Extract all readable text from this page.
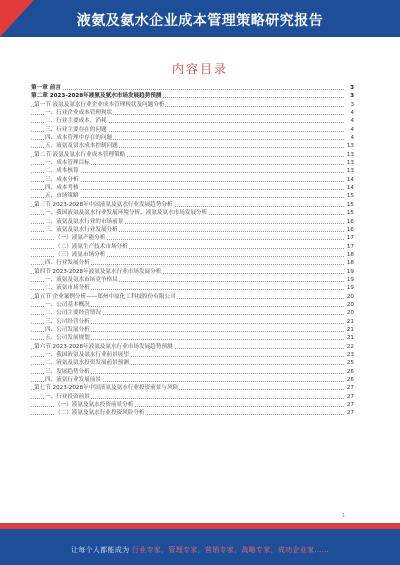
液氨及氨水企业成本管理策略研究报告
内容目录
第一章 前言	3
第二章 2023-2028年液氨及氨水市场发展趋势预测	3
第一节 液氨及氨水行业企业成本管理现状及问题分析	3
一、行业企业成本管理现状	4
二、行业主要成本、消耗	4
三、行业主要存在的问题	4
四、成本管理中存在的问题	4
五、液氨及氨水成本控制问题	13
第二节 液氨及氨水行业成本管理策略	13
一、成本管理目标	13
二、成本核算	13
三、成本分析	14
四、成本考核	14
五、市场策略	15
第三节 2023-2028年中国液氨及氨水行业发展趋势分析	15
一、我国液氨及氨水行业发展环境分析、液氨及氨水市场发展分析	15
二、液氨及氨水行业的市场前景	16
三、液氨及氨水行业发展分析	16
（一）液氨产能分析	17
（二）液氨生产技术市场分析	17
（三）液氨市场分析	18
四、行业发展分析	18
第四节 2023-2028年液氨及氨水行业市场发展分析	19
一、液氨及氨水市场竞争格局	19
二、液氨市场分析	19
第五节 企业案例分析——郑州中原化工科技股份有限公司	20
一、公司基本概况	20
二、公司主要经营情况	20
三、公司经营分析	21
四、公司发展分析	21
五、公司发展规划	21
第六节 2023-2028年液氨及氨水行业市场发展趋势预测	22
一、我国液氨及氨水行业前景展望	23
二、液氨及氨水投资发展前景预测	25
三、发展趋势分析	26
四、液氨行业发展前景	26
第七节 2023-2028年中国液氨及氨水行业投资前景与风险	27
一、行业投资前景	27
（一）液氨及氨水投资前景分析	27
（二）液氨及氨水行业投资风险分析	27
1
让每个人都能成为 行业专家，管理专家，营销专家，战略专家，成功企业家……
